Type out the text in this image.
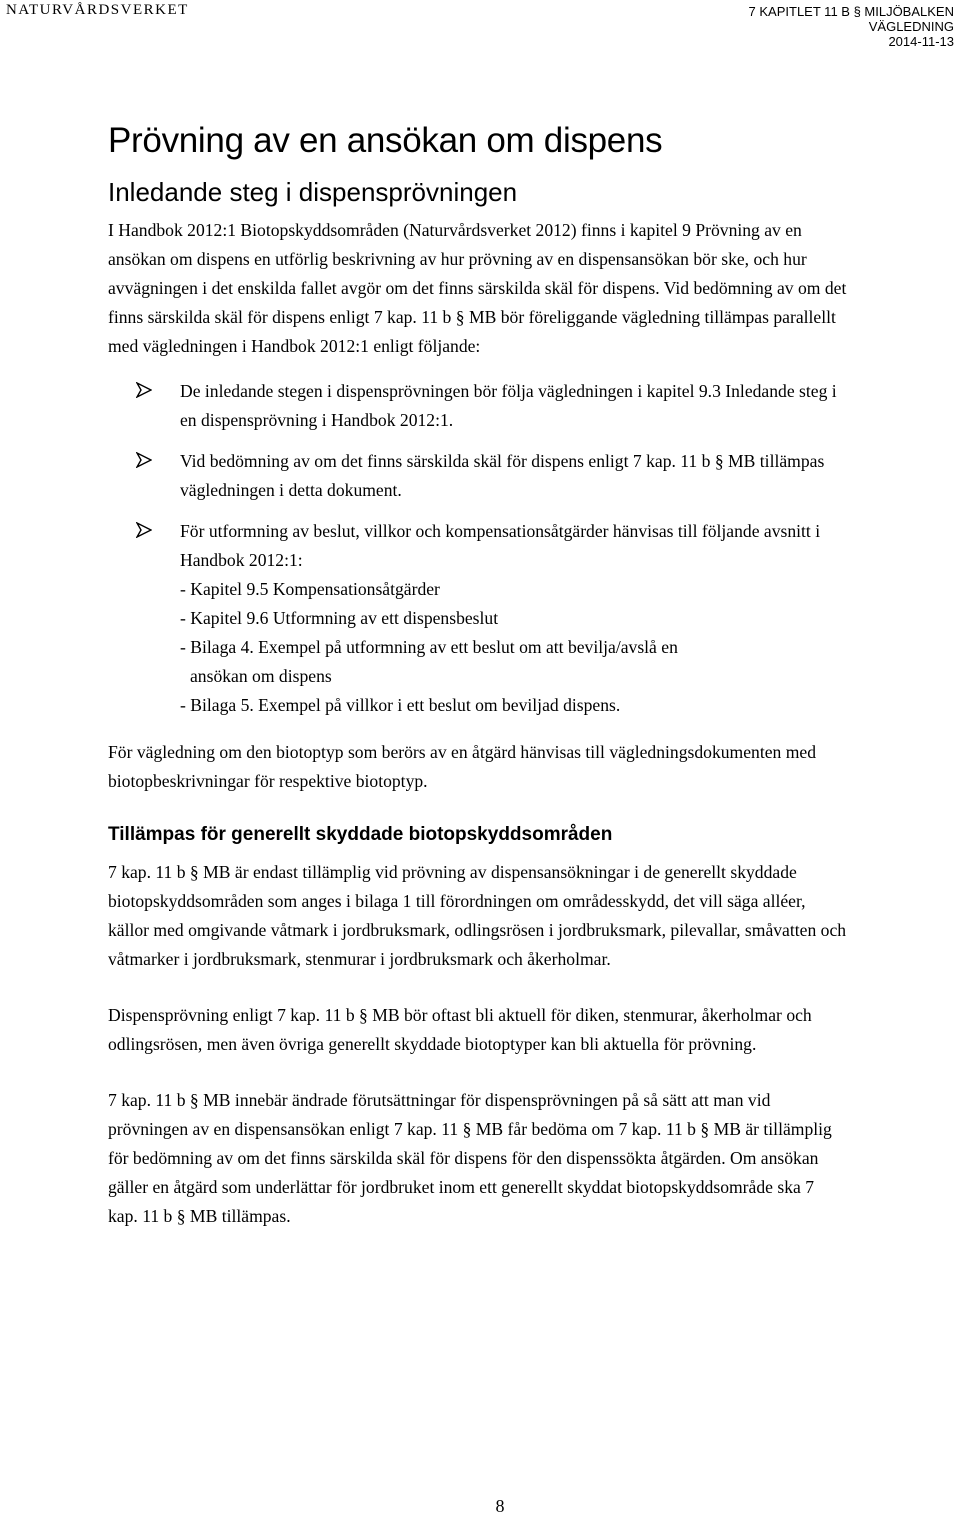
NATURVÅRDSVERKET	7 KAPITLET 11 B § MILJÖBALKEN
VÄGLEDNING
2014-11-13
Prövning av en ansökan om dispens
Inledande steg i dispensprövningen

I Handbok 2012:1 Biotopskyddsområden (Naturvårdsverket 2012) finns i kapitel 9 Prövning av en ansökan om dispens en utförlig beskrivning av hur prövning av en dispensansökan bör ske, och hur avvägningen i det enskilda fallet avgör om det finns särskilda skäl för dispens. Vid bedömning av om det finns särskilda skäl för dispens enligt 7 kap. 11 b § MB bör föreliggande vägledning tillämpas parallellt med vägledningen i Handbok 2012:1 enligt följande:

De inledande stegen i dispensprövningen bör följa vägledningen i kapitel 9.3 Inledande steg i en dispensprövning i Handbok 2012:1.
Vid bedömning av om det finns särskilda skäl för dispens enligt 7 kap. 11 b § MB tillämpas vägledningen i detta dokument.
För utformning av beslut, villkor och kompensationsåtgärder hänvisas till följande avsnitt i Handbok 2012:1:
- Kapitel 9.5 Kompensationsåtgärder
- Kapitel 9.6 Utformning av ett dispensbeslut
- Bilaga 4. Exempel på utformning av ett beslut om att bevilja/avslå en
ansökan om dispens
- Bilaga 5. Exempel på villkor i ett beslut om beviljad dispens.

För vägledning om den biotoptyp som berörs av en åtgärd hänvisas till vägledningsdokumenten med biotopbeskrivningar för respektive biotoptyp.

Tillämpas för generellt skyddade biotopskyddsområden

7 kap. 11 b § MB är endast tillämplig vid prövning av dispensansökningar i de generellt skyddade biotopskyddsområden som anges i bilaga 1 till förordningen om områdesskydd, det vill säga alléer, källor med omgivande våtmark i jordbruksmark, odlingsrösen i jordbruksmark, pilevallar, småvatten och våtmarker i jordbruksmark, stenmurar i jordbruksmark och åkerholmar.

Dispensprövning enligt 7 kap. 11 b § MB bör oftast bli aktuell för diken, stenmurar, åkerholmar och odlingsrösen, men även övriga generellt skyddade biotoptyper kan bli aktuella för prövning.

7 kap. 11 b § MB innebär ändrade förutsättningar för dispensprövningen på så sätt att man vid prövningen av en dispensansökan enligt 7 kap. 11 § MB får bedöma om 7 kap. 11 b § MB är tillämplig för bedömning av om det finns särskilda skäl för dispens för den dispenssökta åtgärden. Om ansökan gäller en åtgärd som underlättar för jordbruket inom ett generellt skyddat biotopskyddsområde ska 7 kap. 11 b § MB tillämpas.

8
